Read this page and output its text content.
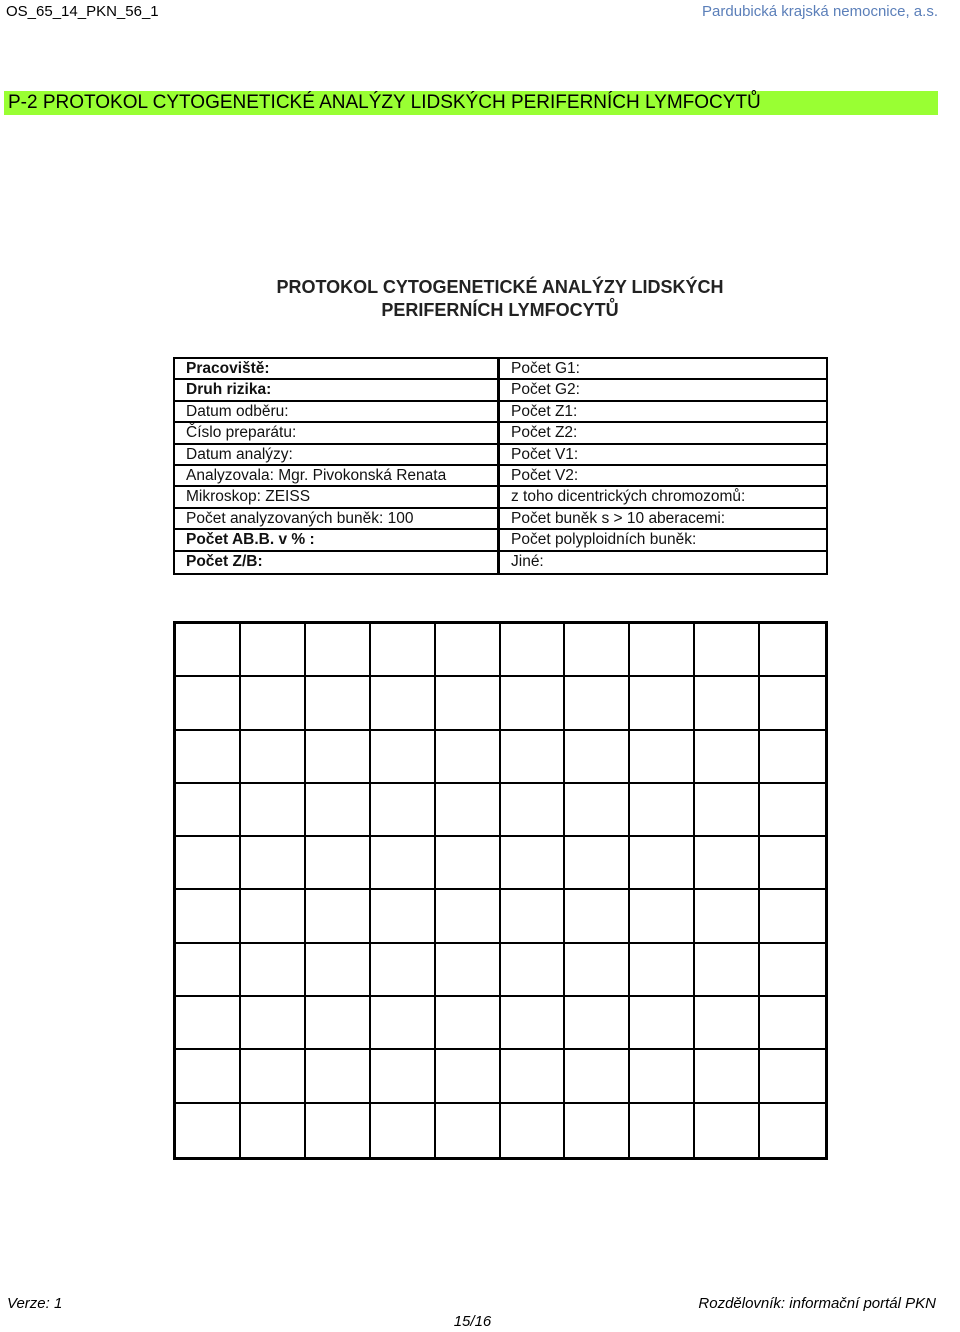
OS_65_14_PKN_56_1	Pardubická krajská nemocnice, a.s.
P-2 PROTOKOL CYTOGENETICKÉ ANALÝZY LIDSKÝCH PERIFERNÍCH LYMFOCYTŮ
PROTOKOL CYTOGENETICKÉ ANALÝZY LIDSKÝCH
PERIFERNÍCH LYMFOCYTŮ
Pracoviště:	Počet G1:
Druh rizika:	Počet G2:
Datum odběru:	Počet Z1:
Číslo preparátu:	Počet Z2:
Datum analýzy:	Počet V1:
Analyzovala: Mgr. Pivokonská Renata	Počet V2:
Mikroskop: ZEISS	z toho dicentrických chromozomů:
Počet analyzovaných buněk: 100	Počet buněk s > 10 aberacemi:
Počet AB.B. v % :	Počet polyploidních buněk:
Počet Z/B:	Jiné:
Verze: 1	Rozdělovník: informační portál PKN
15/16
